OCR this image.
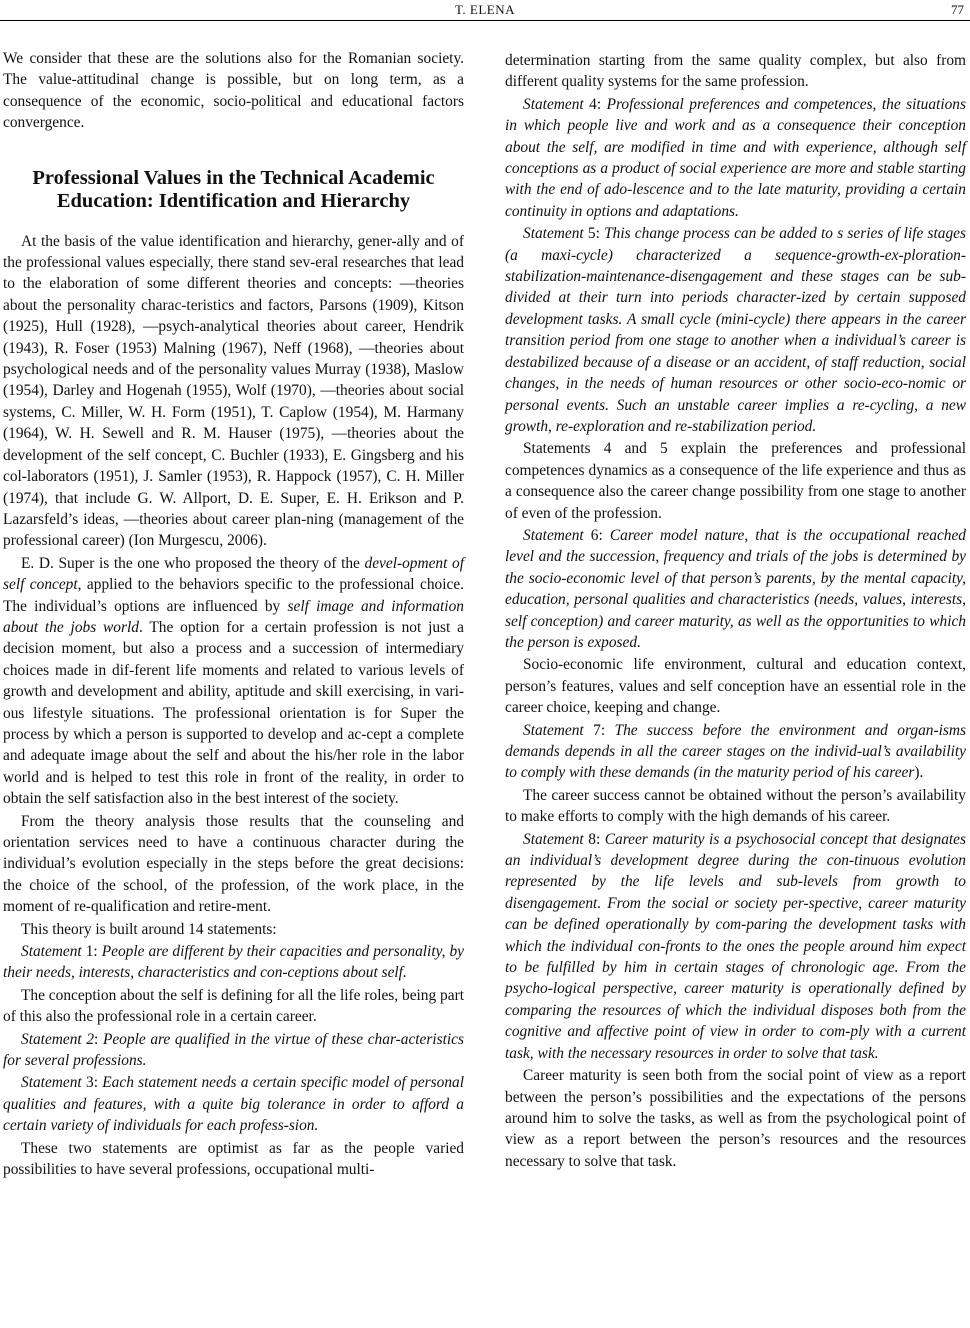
T. ELENA	77

We consider that these are the solutions also for the Romanian society. The value-attitudinal change is possible, but on long term, as a consequence of the economic, socio-political and educational factors convergence.

Professional Values in the Technical Academic Education: Identification and Hierarchy

At the basis of the value identification and hierarchy, gener-ally and of the professional values especially, there stand sev-eral researches that lead to the elaboration of some different theories and concepts: —theories about the personality charac-teristics and factors, Parsons (1909), Kitson (1925), Hull (1928), —psych-analytical theories about career, Hendrik (1943), R. Foser (1953) Malning (1967), Neff (1968), —theories about psychological needs and of the personality values Murray (1938), Maslow (1954), Darley and Hogenah (1955), Wolf (1970), —theories about social systems, C. Miller, W. H. Form (1951), T. Caplow (1954), M. Harmany (1964), W. H. Sewell and R. M. Hauser (1975), —theories about the development of the self concept, C. Buchler (1933), E. Gingsberg and his col-laborators (1951), J. Samler (1953), R. Happock (1957), C. H. Miller (1974), that include G. W. Allport, D. E. Super, E. H. Erikson and P. Lazarsfeld’s ideas, —theories about career plan-ning (management of the professional career) (Ion Murgescu, 2006).

E. D. Super is the one who proposed the theory of the devel-opment of self concept, applied to the behaviors specific to the professional choice. The individual’s options are influenced by self image and information about the jobs world. The option for a certain profession is not just a decision moment, but also a process and a succession of intermediary choices made in dif-ferent life moments and related to various levels of growth and development and ability, aptitude and skill exercising, in vari-ous lifestyle situations. The professional orientation is for Super the process by which a person is supported to develop and ac-cept a complete and adequate image about the self and about the his/her role in the labor world and is helped to test this role in front of the reality, in order to obtain the self satisfaction also in the best interest of the society.

From the theory analysis those results that the counseling and orientation services need to have a continuous character during the individual’s evolution especially in the steps before the great decisions: the choice of the school, of the profession, of the work place, in the moment of re-qualification and retire-ment.

This theory is built around 14 statements:

Statement 1: People are different by their capacities and personality, by their needs, interests, characteristics and con-ceptions about self.

The conception about the self is defining for all the life roles, being part of this also the professional role in a certain career.

Statement 2: People are qualified in the virtue of these char-acteristics for several professions.

Statement 3: Each statement needs a certain specific model of personal qualities and features, with a quite big tolerance in order to afford a certain variety of individuals for each profess-sion.

These two statements are optimist as far as the people varied possibilities to have several professions, occupational multi-

determination starting from the same quality complex, but also from different quality systems for the same profession.

Statement 4: Professional preferences and competences, the situations in which people live and work and as a consequence their conception about the self, are modified in time and with experience, although self conceptions as a product of social experience are more and stable starting with the end of ado-lescence and to the late maturity, providing a certain continuity in options and adaptations.

Statement 5: This change process can be added to s series of life stages (a maxi-cycle) characterized a sequence-growth-ex-ploration-stabilization-maintenance-disengagement and these stages can be sub-divided at their turn into periods character-ized by certain supposed development tasks. A small cycle (mini-cycle) there appears in the career transition period from one stage to another when a individual’s career is destabilized because of a disease or an accident, of staff reduction, social changes, in the needs of human resources or other socio-eco-nomic or personal events. Such an unstable career implies a re-cycling, a new growth, re-exploration and re-stabilization period.

Statements 4 and 5 explain the preferences and professional competences dynamics as a consequence of the life experience and thus as a consequence also the career change possibility from one stage to another of even of the profession.

Statement 6: Career model nature, that is the occupational reached level and the succession, frequency and trials of the jobs is determined by the socio-economic level of that person’s parents, by the mental capacity, education, personal qualities and characteristics (needs, values, interests, self conception) and career maturity, as well as the opportunities to which the person is exposed.

Socio-economic life environment, cultural and education context, person’s features, values and self conception have an essential role in the career choice, keeping and change.

Statement 7: The success before the environment and organ-isms demands depends in all the career stages on the individ-ual’s availability to comply with these demands (in the maturity period of his career).

The career success cannot be obtained without the person’s availability to make efforts to comply with the high demands of his career.

Statement 8: Career maturity is a psychosocial concept that designates an individual’s development degree during the con-tinuous evolution represented by the life levels and sub-levels from growth to disengagement. From the social or society per-spective, career maturity can be defined operationally by com-paring the development tasks with which the individual con-fronts to the ones the people around him expect to be fulfilled by him in certain stages of chronologic age. From the psycho-logical perspective, career maturity is operationally defined by comparing the resources of which the individual disposes both from the cognitive and affective point of view in order to com-ply with a current task, with the necessary resources in order to solve that task.

Career maturity is seen both from the social point of view as a report between the person’s possibilities and the expectations of the persons around him to solve the tasks, as well as from the psychological point of view as a report between the person’s resources and the resources necessary to solve that task.
